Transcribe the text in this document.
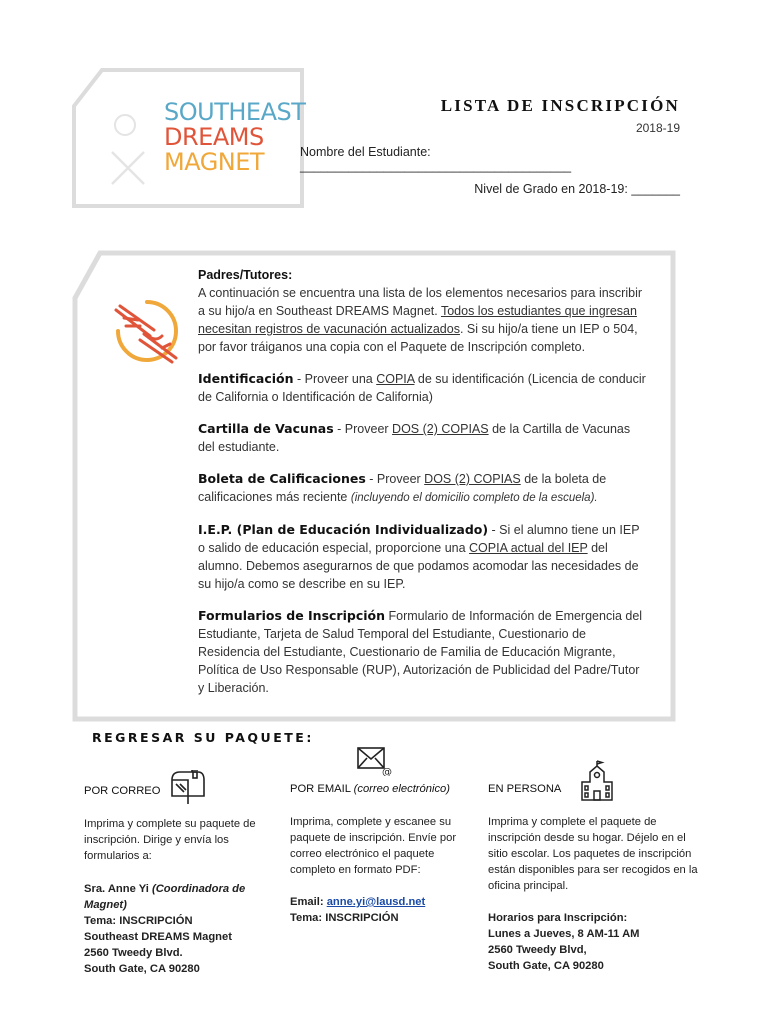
SOUTHEAST
DREAMS
MAGNET
LISTA DE INSCRIPCIÓN
2018-19
Nombre del Estudiante: _______________________________________
Nivel de Grado en 2018-19: _______

Padres/Tutores:
A continuación se encuentra una lista de los elementos necesarios para inscribir a su hijo/a en Southeast DREAMS Magnet. Todos los estudiantes que ingresan necesitan registros de vacunación actualizados. Si su hijo/a tiene un IEP o 504, por favor tráiganos una copia con el Paquete de Inscripción completo.

Identificación - Proveer una COPIA de su identificación (Licencia de conducir de California o Identificación de California)

Cartilla de Vacunas - Proveer DOS (2) COPIAS de la Cartilla de Vacunas del estudiante.

Boleta de Calificaciones - Proveer DOS (2) COPIAS de la boleta de calificaciones más reciente (incluyendo el domicilio completo de la escuela).

I.E.P. (Plan de Educación Individualizado) - Si el alumno tiene un IEP o salido de educación especial, proporcione una COPIA actual del IEP del alumno. Debemos asegurarnos de que podamos acomodar las necesidades de su hijo/a como se describe en su IEP.

Formularios de Inscripción Formulario de Información de Emergencia del Estudiante, Tarjeta de Salud Temporal del Estudiante, Cuestionario de Residencia del Estudiante, Cuestionario de Familia de Educación Migrante, Política de Uso Responsable (RUP), Autorización de Publicidad del Padre/Tutor y Liberación.

REGRESAR SU PAQUETE:
@
POR CORREO
Imprima y complete su paquete de inscripción. Dirige y envía los formularios a:
Sra. Anne Yi (Coordinadora de Magnet)
Tema: INSCRIPCIÓN
Southeast DREAMS Magnet
2560 Tweedy Blvd.
South Gate, CA 90280
POR EMAIL (correo electrónico)
Imprima, complete y escanee su paquete de inscripción. Envíe por correo electrónico el paquete completo en formato PDF:
Email: anne.yi@lausd.net
Tema: INSCRIPCIÓN
EN PERSONA
Imprima y complete el paquete de inscripción desde su hogar. Déjelo en el sitio escolar. Los paquetes de inscripción están disponibles para ser recogidos en la oficina principal.
Horarios para Inscripción:
Lunes a Jueves, 8 AM-11 AM
2560 Tweedy Blvd,
South Gate, CA 90280
